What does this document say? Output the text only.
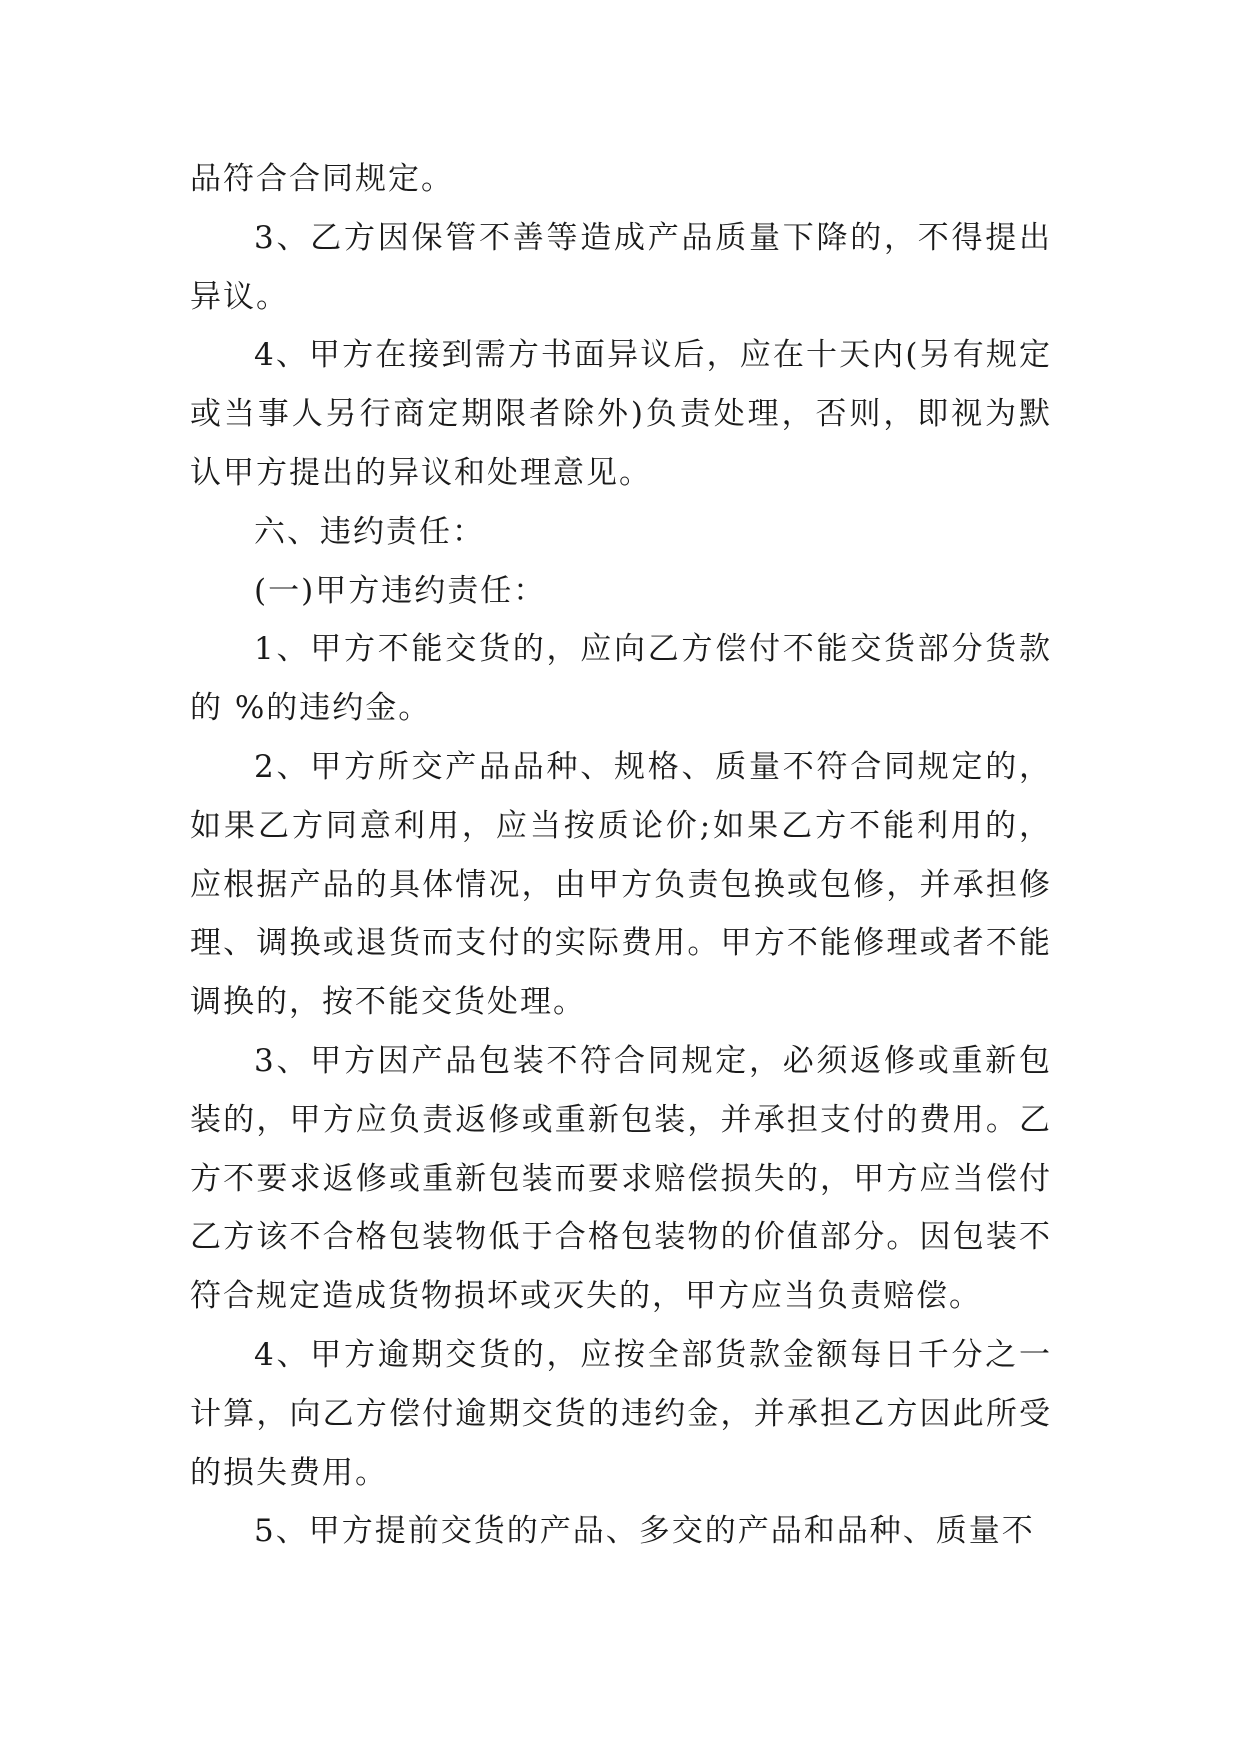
品符合合同规定。

3、乙方因保管不善等造成产品质量下降的，不得提出异议。

4、甲方在接到需方书面异议后，应在十天内(另有规定或当事人另行商定期限者除外)负责处理，否则，即视为默认甲方提出的异议和处理意见。

六、违约责任：

(一)甲方违约责任：

1、甲方不能交货的，应向乙方偿付不能交货部分货款的 %的违约金。

2、甲方所交产品品种、规格、质量不符合同规定的，如果乙方同意利用，应当按质论价;如果乙方不能利用的，应根据产品的具体情况，由甲方负责包换或包修，并承担修理、调换或退货而支付的实际费用。甲方不能修理或者不能调换的，按不能交货处理。

3、甲方因产品包装不符合同规定，必须返修或重新包装的，甲方应负责返修或重新包装，并承担支付的费用。乙方不要求返修或重新包装而要求赔偿损失的，甲方应当偿付乙方该不合格包装物低于合格包装物的价值部分。因包装不符合规定造成货物损坏或灭失的，甲方应当负责赔偿。

4、甲方逾期交货的，应按全部货款金额每日千分之一计算，向乙方偿付逾期交货的违约金，并承担乙方因此所受的损失费用。

5、甲方提前交货的产品、多交的产品和品种、质量不
